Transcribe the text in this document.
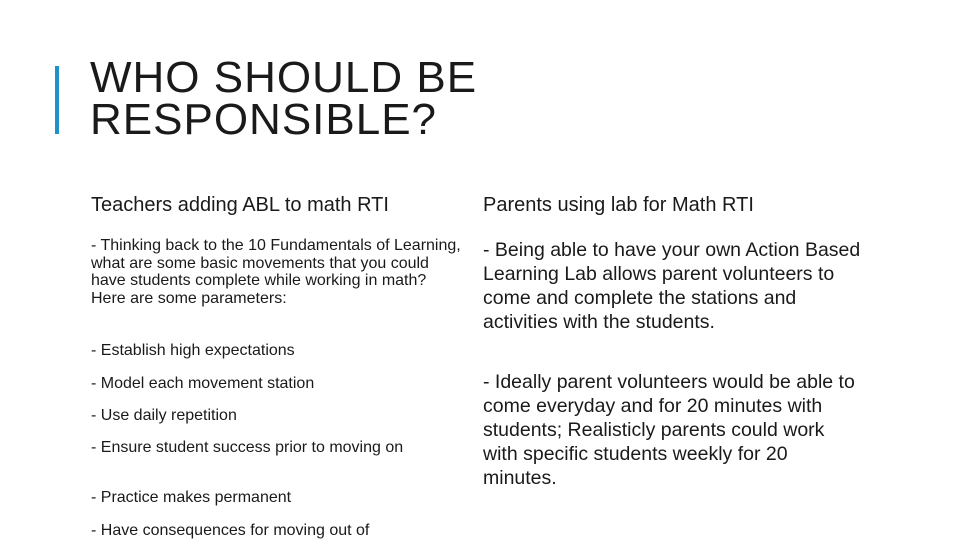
WHO SHOULD BE
RESPONSIBLE?
Teachers adding ABL to math RTI

- Thinking back to the 10 Fundamentals of Learning, what are some basic movements that you could have students complete while working in math? Here are some parameters:

- Establish high expectations

- Model each movement station

- Use daily repetition

- Ensure student success prior to moving on

- Practice makes permanent

- Have consequences for moving out of

Parents using lab for Math RTI

- Being able to have your own Action Based Learning Lab allows parent volunteers to come and complete the stations and activities with the students.

- Ideally parent volunteers would be able to come everyday and for 20 minutes with students; Realisticly parents could work with specific students weekly for 20 minutes.
